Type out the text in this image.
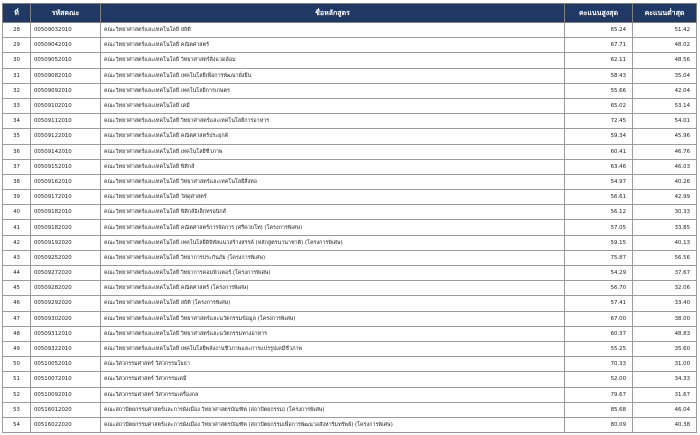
ที่	รหัสคณะ	ชื่อหลักสูตร	คะแนนสูงสุด	คะแนนต่ำสุด
28	00509032010	คณะวิทยาศาสตร์และเทคโนโลยี สถิติ	65.24	51.42
29	00509042010	คณะวิทยาศาสตร์และเทคโนโลยี คณิตศาสตร์	67.71	48.02
30	00509052010	คณะวิทยาศาสตร์และเทคโนโลยี วิทยาศาสตร์สิ่งแวดล้อม	62.11	48.56
31	00509082010	คณะวิทยาศาสตร์และเทคโนโลยี เทคโนโลยีเพื่อการพัฒนายั่งยืน	58.43	35.04
32	00509092010	คณะวิทยาศาสตร์และเทคโนโลยี เทคโนโลยีการเกษตร	55.66	42.04
33	00509102010	คณะวิทยาศาสตร์และเทคโนโลยี เคมี	65.02	53.14
34	00509112010	คณะวิทยาศาสตร์และเทคโนโลยี วิทยาศาสตร์และเทคโนโลยีการอาหาร	72.45	54.01
35	00509122010	คณะวิทยาศาสตร์และเทคโนโลยี คณิตศาสตร์ประยุกต์	59.34	45.96
36	00509142010	คณะวิทยาศาสตร์และเทคโนโลยี เทคโนโลยีชีวภาพ	60.41	46.76
37	00509152010	คณะวิทยาศาสตร์และเทคโนโลยี ฟิสิกส์	63.46	46.03
38	00509162010	คณะวิทยาศาสตร์และเทคโนโลยี วิทยาศาสตร์และเทคโนโลยีสิ่งทอ	54.97	40.26
39	00509172010	คณะวิทยาศาสตร์และเทคโนโลยี วัสดุศาสตร์	56.61	42.99
40	00509182010	คณะวิทยาศาสตร์และเทคโนโลยี ฟิสิกส์อิเล็กทรอนิกส์	56.12	30.33
41	00509182020	คณะวิทยาศาสตร์และเทคโนโลยี คณิตศาสตร์การจัดการ (ศรีควบโท) (โครงการพิเศษ)	57.05	33.85
42	00509192020	คณะวิทยาศาสตร์และเทคโนโลยี เทคโนโลยีดิจิทัลแนวสร้างสรรค์ (หลักสูตรนานาชาติ) (โครงการพิเศษ)	59.15	40.13
43	00509252020	คณะวิทยาศาสตร์และเทคโนโลยี วิทยาการประกันภัย (โครงการพิเศษ)	75.87	56.56
44	00509272020	คณะวิทยาศาสตร์และเทคโนโลยี วิทยาการคอมพิวเตอร์ (โครงการพิเศษ)	54.29	37.67
45	00509282020	คณะวิทยาศาสตร์และเทคโนโลยี คณิตศาสตร์ (โครงการพิเศษ)	56.70	32.06
46	00509292020	คณะวิทยาศาสตร์และเทคโนโลยี สถิติ (โครงการพิเศษ)	57.41	33.40
47	00509302020	คณะวิทยาศาสตร์และเทคโนโลยี วิทยาศาสตร์และนวัตกรรมข้อมูล (โครงการพิเศษ)	67.00	38.00
48	00509312010	คณะวิทยาศาสตร์และเทคโนโลยี วิทยาศาสตร์และนวัตกรรมทางอาหาร	60.37	48.83
49	00509322010	คณะวิทยาศาสตร์และเทคโนโลยี เทคโนโลยีพลังงานชีวภาพและการแปรรูปเคมีชีวภาพ	55.25	35.60
50	00510052010	คณะวิศวกรรมศาสตร์ วิศวกรรมโยธา	70.33	31.00
51	00510072010	คณะวิศวกรรมศาสตร์ วิศวกรรมเคมี	52.00	34.33
52	00510092010	คณะวิศวกรรมศาสตร์ วิศวกรรมเครื่องกล	79.67	31.67
53	00516012020	คณะสถาปัตยกรรมศาสตร์และการผังเมือง วิทยาศาสตรบัณฑิต (สถาปัตยกรรม) (โครงการพิเศษ)	85.68	46.04
54	00516022020	คณะสถาปัตยกรรมศาสตร์และการผังเมือง วิทยาศาสตรบัณฑิต (สถาปัตยกรรมเพื่อการพัฒนาอสังหาริมทรัพย์) (โครงการพิเศษ)	80.09	40.38
